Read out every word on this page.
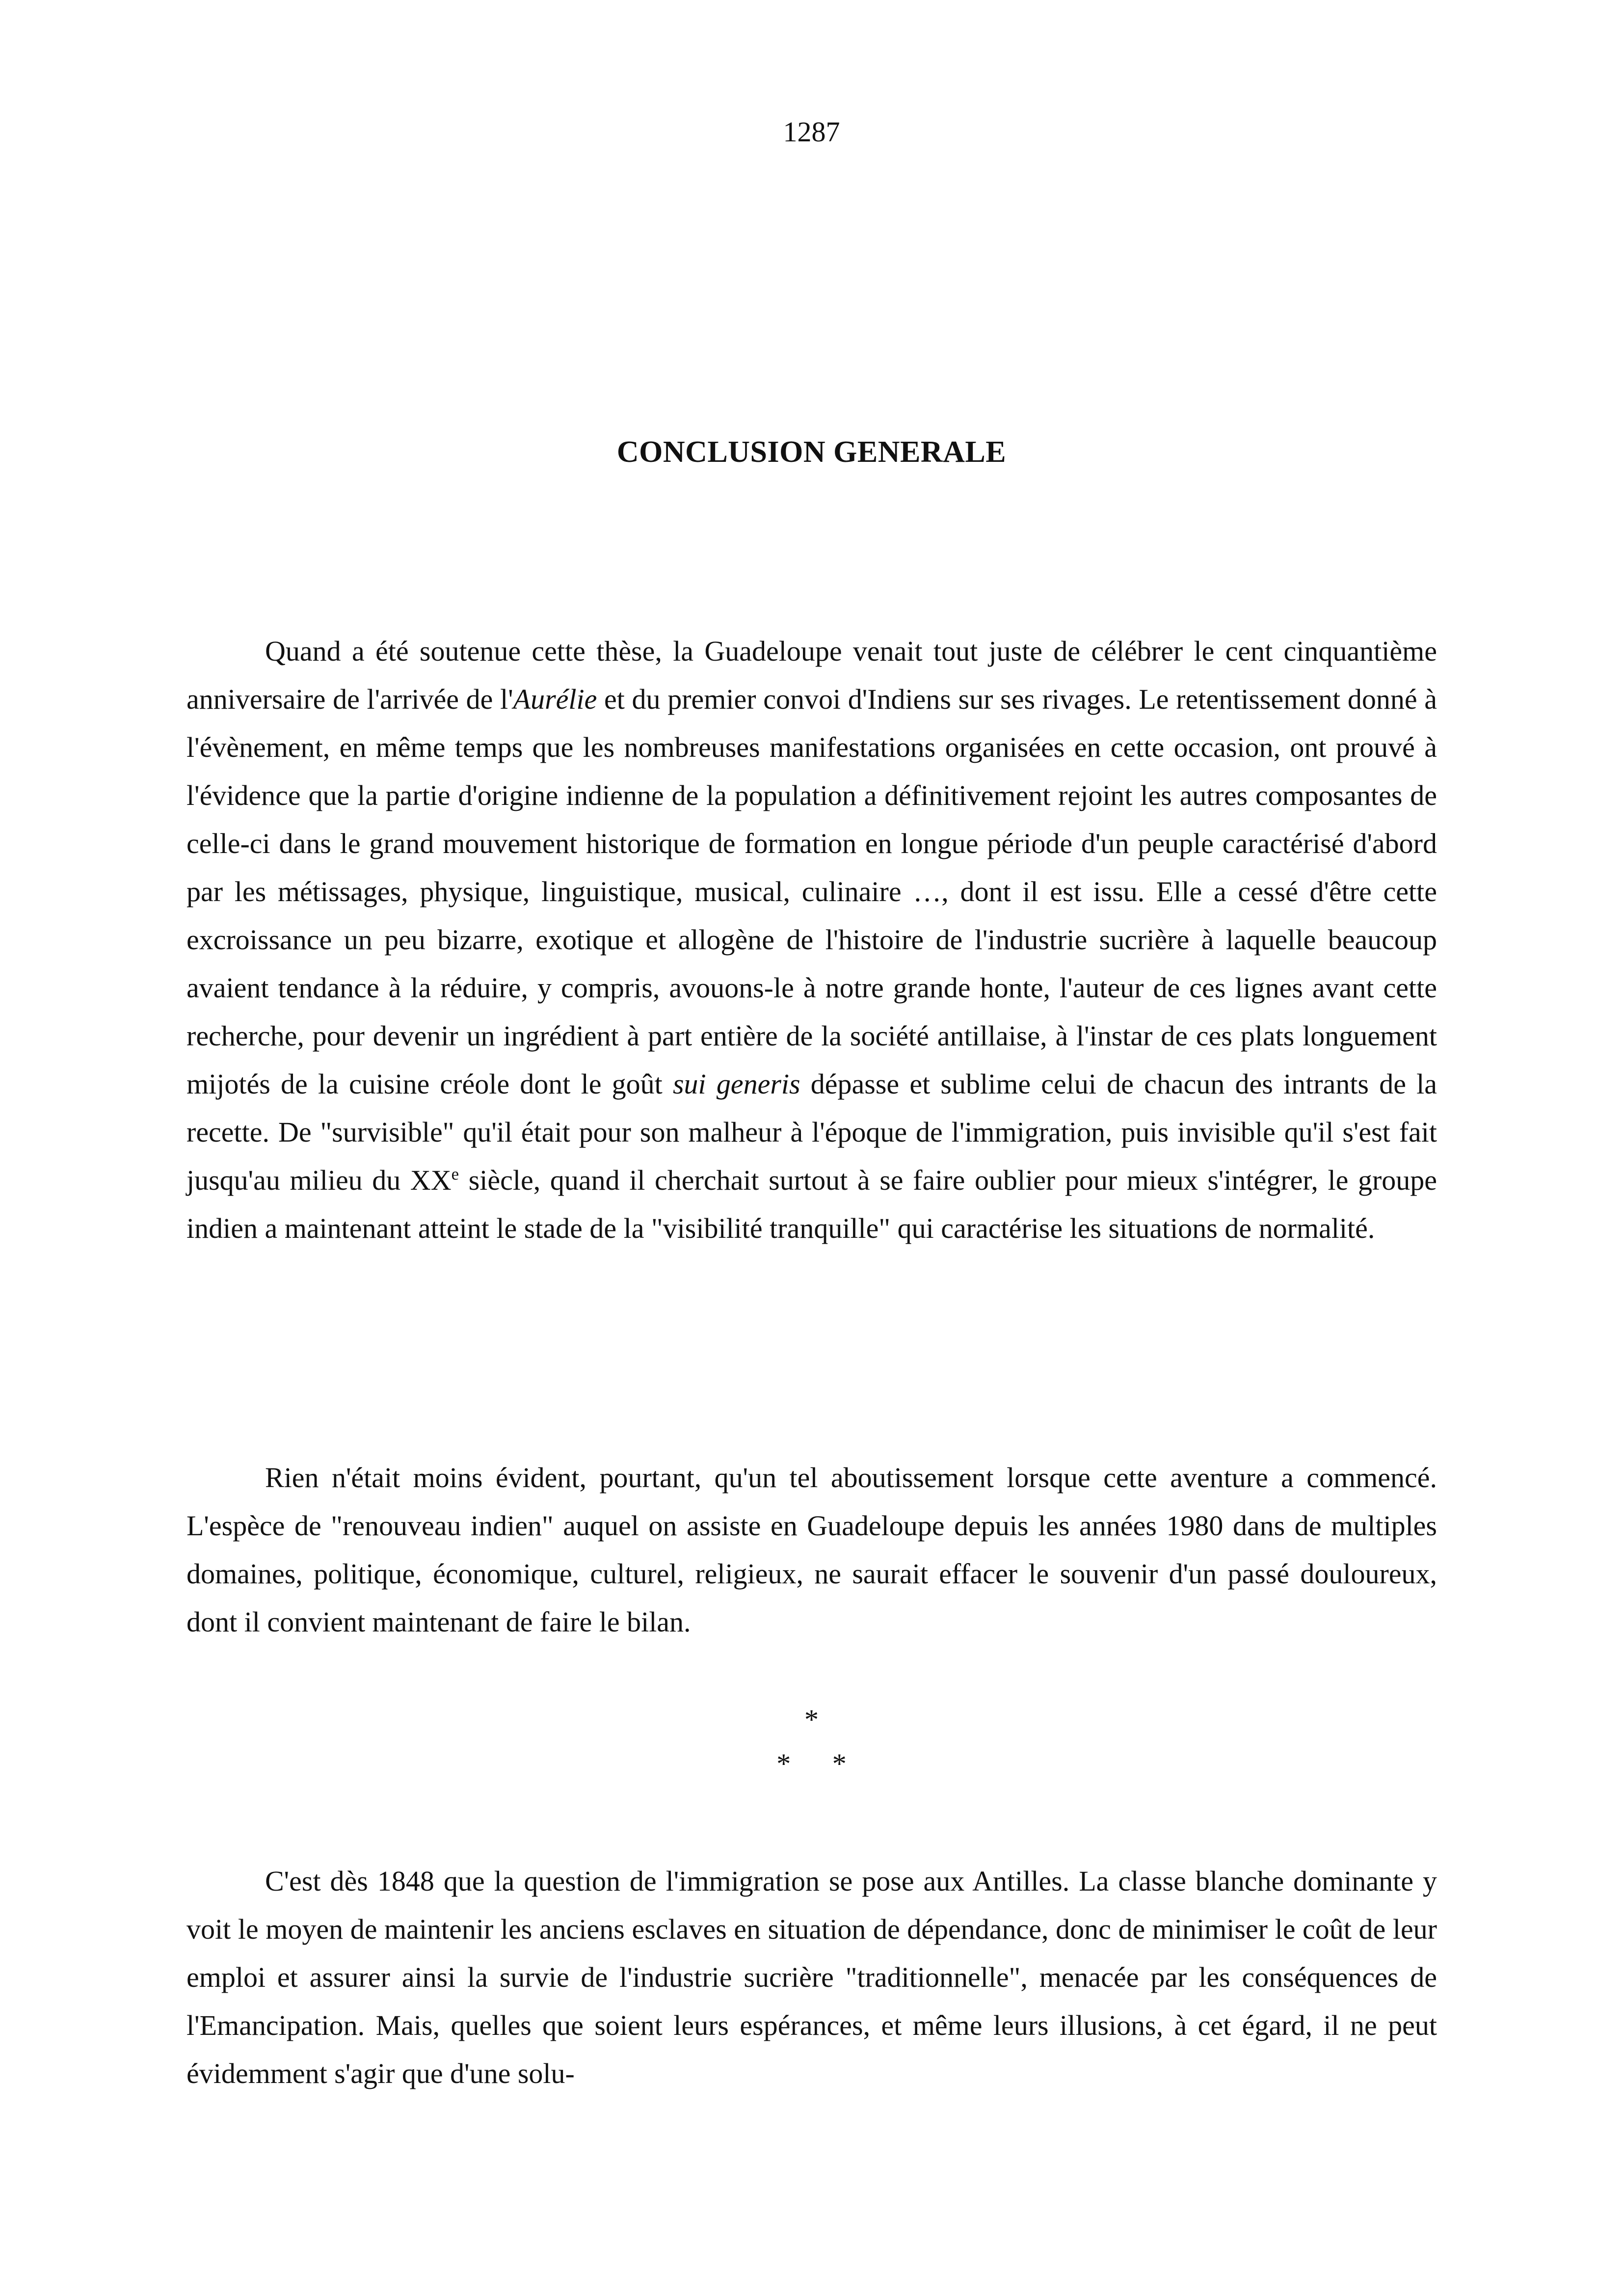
1287
CONCLUSION GENERALE

Quand a été soutenue cette thèse, la Guadeloupe venait tout juste de célébrer le cent cinquantième anniversaire de l'arrivée de l'Aurélie et du premier convoi d'Indiens sur ses rivages. Le retentissement donné à l'évènement, en même temps que les nombreuses manifestations organisées en cette occasion, ont prouvé à l'évidence que la partie d'origine indienne de la population a définitivement rejoint les autres composantes de celle-ci dans le grand mouvement historique de formation en longue période d'un peuple caractérisé d'abord par les métissages, physique, linguistique, musical, culinaire …, dont il est issu. Elle a cessé d'être cette excroissance un peu bizarre, exotique et allogène de l'histoire de l'industrie sucrière à laquelle beaucoup avaient tendance à la réduire, y compris, avouons-le à notre grande honte, l'auteur de ces lignes avant cette recherche, pour devenir un ingrédient à part entière de la société antillaise, à l'instar de ces plats longuement mijotés de la cuisine créole dont le goût sui generis dépasse et sublime celui de chacun des intrants de la recette. De "survisible" qu'il était pour son malheur à l'époque de l'immigration, puis invisible qu'il s'est fait jusqu'au milieu du XXe siècle, quand il cherchait surtout à se faire oublier pour mieux s'intégrer, le groupe indien a maintenant atteint le stade de la "visibilité tranquille" qui caractérise les situations de normalité.

Rien n'était moins évident, pourtant, qu'un tel aboutissement lorsque cette aventure a commencé. L'espèce de "renouveau indien" auquel on assiste en Guadeloupe depuis les années 1980 dans de multiples domaines, politique, économique, culturel, religieux, ne saurait effacer le souvenir d'un passé douloureux, dont il convient maintenant de faire le bilan.

*
* *

C'est dès 1848 que la question de l'immigration se pose aux Antilles. La classe blanche dominante y voit le moyen de maintenir les anciens esclaves en situation de dépendance, donc de minimiser le coût de leur emploi et assurer ainsi la survie de l'industrie sucrière "traditionnelle", menacée par les conséquences de l'Emancipation. Mais, quelles que soient leurs espérances, et même leurs illusions, à cet égard, il ne peut évidemment s'agir que d'une solu-
